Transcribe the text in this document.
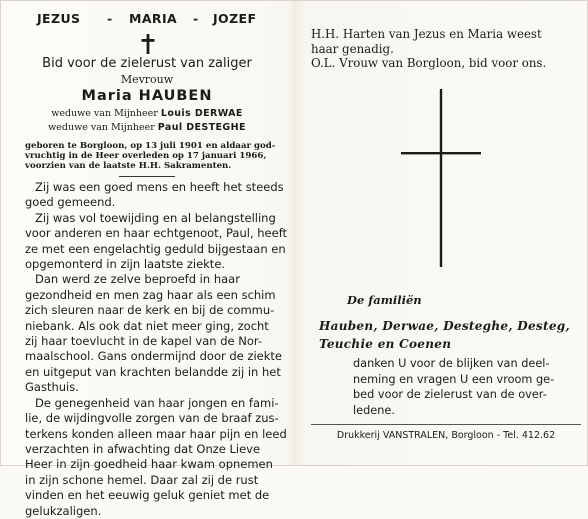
JEZUS - MARIA - JOZEF
Bid voor de zielerust van zaliger
Mevrouw
Maria HAUBEN
weduwe van Mijnheer Louis DERWAE
weduwe van Mijnheer Paul DESTEGHE
geboren te Borgloon, op 13 juli 1901 en aldaar god-
vruchtig in de Heer overleden op 17 januari 1966,
voorzien van de laatste H.H. Sakramenten.
Zij was een goed mens en heeft het steeds
goed gemeend.
Zij was vol toewijding en al belangstelling
voor anderen en haar echtgenoot, Paul, heeft
ze met een engelachtig geduld bijgestaan en
opgemonterd in zijn laatste ziekte.
Dan werd ze zelve beproefd in haar
gezondheid en men zag haar als een schim
zich sleuren naar de kerk en bij de commu-
niebank. Als ook dat niet meer ging, zocht
zij haar toevlucht in de kapel van de Nor-
maalschool. Gans ondermijnd door de ziekte
en uitgeput van krachten belandde zij in het
Gasthuis.
De genegenheid van haar jongen en fami-
lie, de wijdingvolle zorgen van de braaf zus-
terkens konden alleen maar haar pijn en leed
verzachten in afwachting dat Onze Lieve
Heer in zijn goedheid haar kwam opnemen
in zijn schone hemel. Daar zal zij de rust
vinden en het eeuwig geluk geniet met de
gelukzaligen.
H.H. Harten van Jezus en Maria weest
haar genadig.
O.L. Vrouw van Borgloon, bid voor ons.
De familiën
Hauben, Derwae, Desteghe, Desteg,
Teuchie en Coenen
danken U voor de blijken van deel-
neming en vragen U een vroom ge-
bed voor de zielerust van de over-
ledene.
Drukkerij VANSTRALEN, Borgloon - Tel. 412.62
